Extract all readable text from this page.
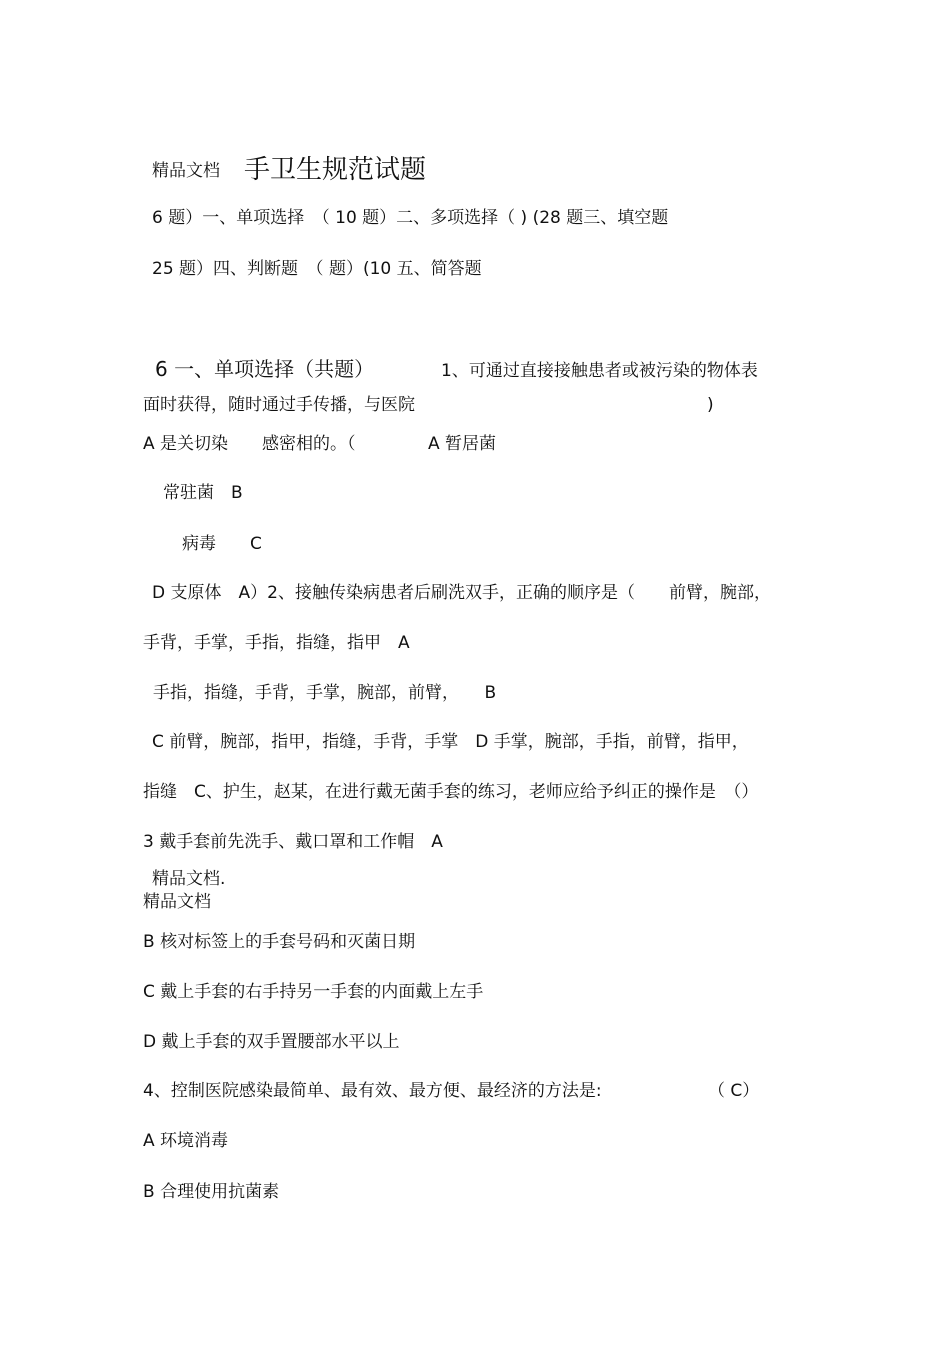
精品文档 手卫生规范试题
6 题）一、单项选择　（ 10 题）二、多项选择（ ) (28 题三、填空题
25 题）四、判断题　（ 题）(10 五、简答题
6 一、单项选择（共题）	1、可通过直接接触患者或被污染的物体表
面时获得，随时通过手传播，与医院	)
A 是关切染　　感密相的。（	A 暂居菌
常驻菌　B
病毒　　C
D 支原体　A）2、接触传染病患者后刷洗双手，正确的顺序是（　　前臂，腕部，
手背，手掌，手指，指缝，指甲　A
手指，指缝，手背，手掌，腕部，前臂，　　B
C 前臂，腕部，指甲，指缝，手背，手掌　D 手掌，腕部，手指，前臂，指甲，
指缝　C、护生，赵某，在进行戴无菌手套的练习，老师应给予纠正的操作是　（）
3 戴手套前先洗手、戴口罩和工作帽　A
精品文档.
精品文档
B 核对标签上的手套号码和灭菌日期
C 戴上手套的右手持另一手套的内面戴上左手
D 戴上手套的双手置腰部水平以上
4、控制医院感染最简单、最有效、最方便、最经济的方法是:	（ C）
A 环境消毒
B 合理使用抗菌素
